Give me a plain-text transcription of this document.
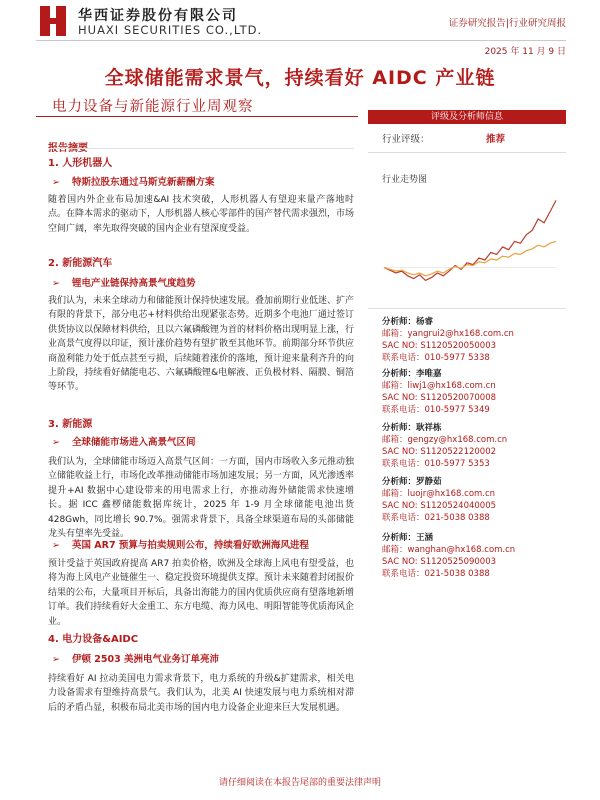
华西证券股份有限公司
HUAXI SECURITIES CO.,LTD.	证券研究报告|行业研究周报
2025 年 11 月 9 日
全球储能需求景气，持续看好 AIDC 产业链
电力设备与新能源行业周观察
1. 人形机器人
➢ 特斯拉股东通过马斯克新薪酬方案
随着国内外企业布局加速&AI 技术突破，人形机器人有望迎来量产落地时点。在降本需求的驱动下，人形机器人核心零部件的国产替代需求强烈，市场空间广阔，率先取得突破的国内企业有望深度受益。
2. 新能源汽车
➢ 锂电产业链保持高景气度趋势
我们认为，未来全球动力和储能预计保持快速发展。叠加前期行业低迷、扩产有限的背景下，部分电芯+材料供给出现紧张态势。近期多个电池厂通过签订供货协议以保障材料供给，且以六氟磷酸锂为首的材料价格出现明显上涨，行业高景气度得以印证，预计涨价趋势有望扩散至其他环节。前期部分环节供应商盈利能力处于低点甚至亏损，后续随着涨价的落地，预计迎来量利齐升的向上阶段，持续看好储能电芯、六氟磷酸锂&电解液、正负极材料、隔膜、铜箔等环节。
3. 新能源
➢ 全球储能市场进入高景气区间
我们认为，全球储能市场迈入高景气区间：一方面，国内市场收入多元推动独立储能收益上行，市场化改革推动储能市场加速发展；另一方面，风光渗透率提升+AI 数据中心建设带来的用电需求上行，亦推动海外储能需求快速增长。据 ICC 鑫椤储能数据库统计，2025 年 1-9 月全球储能电池出货 428Gwh，同比增长 90.7%。强需求背景下，具备全球渠道布局的头部储能龙头有望率先受益。
➢ 英国 AR7 预算与拍卖规则公布，持续看好欧洲海风进程
预计受益于英国政府提高 AR7 拍卖价格，欧洲及全球海上风电有望受益，也将为海上风电产业链催生一、稳定投资环境提供支撑。预计未来随着封闭报价结果的公布，大量项目开标后，具备出海能力的国内优质供应商有望落地新增订单。我们持续看好大金重工、东方电缆、海力风电、明阳智能等优质海风企业。
4. 电力设备&AIDC
➢ 伊顿 2503 美洲电气业务订单亮沛
持续看好 AI 拉动美国电力需求背景下，电力系统的升级&扩建需求，相关电力设备需求有望维持高景气。我们认为，北美 AI 快速发展与电力系统相对滞后的矛盾凸显，积极布局北美市场的国内电力设备企业迎来巨大发展机遇。
评级及分析师信息
行业评级：	推荐
行业走势图
分析师：杨睿
邮箱：yangrui2@hx168.com.cn
SAC NO: S1120520050003
联系电话：010-5977 5338
分析师：李唯嘉
邮箱：liwj1@hx168.com.cn
SAC NO: S1120520070008
联系电话：010-5977 5349
分析师：耿祥栋
邮箱：gengzy@hx168.com.cn
SAC NO: S1120522120002
联系电话：010-5977 5353
分析师：罗静茹
邮箱：luojr@hx168.com.cn
SAC NO: S1120524040005
联系电话：021-5038 0388
分析师：王涵
邮箱：wanghan@hx168.com.cn
SAC NO: S1120525090003
联系电话：021-5038 0388
请仔细阅读在本报告尾部的重要法律声明
